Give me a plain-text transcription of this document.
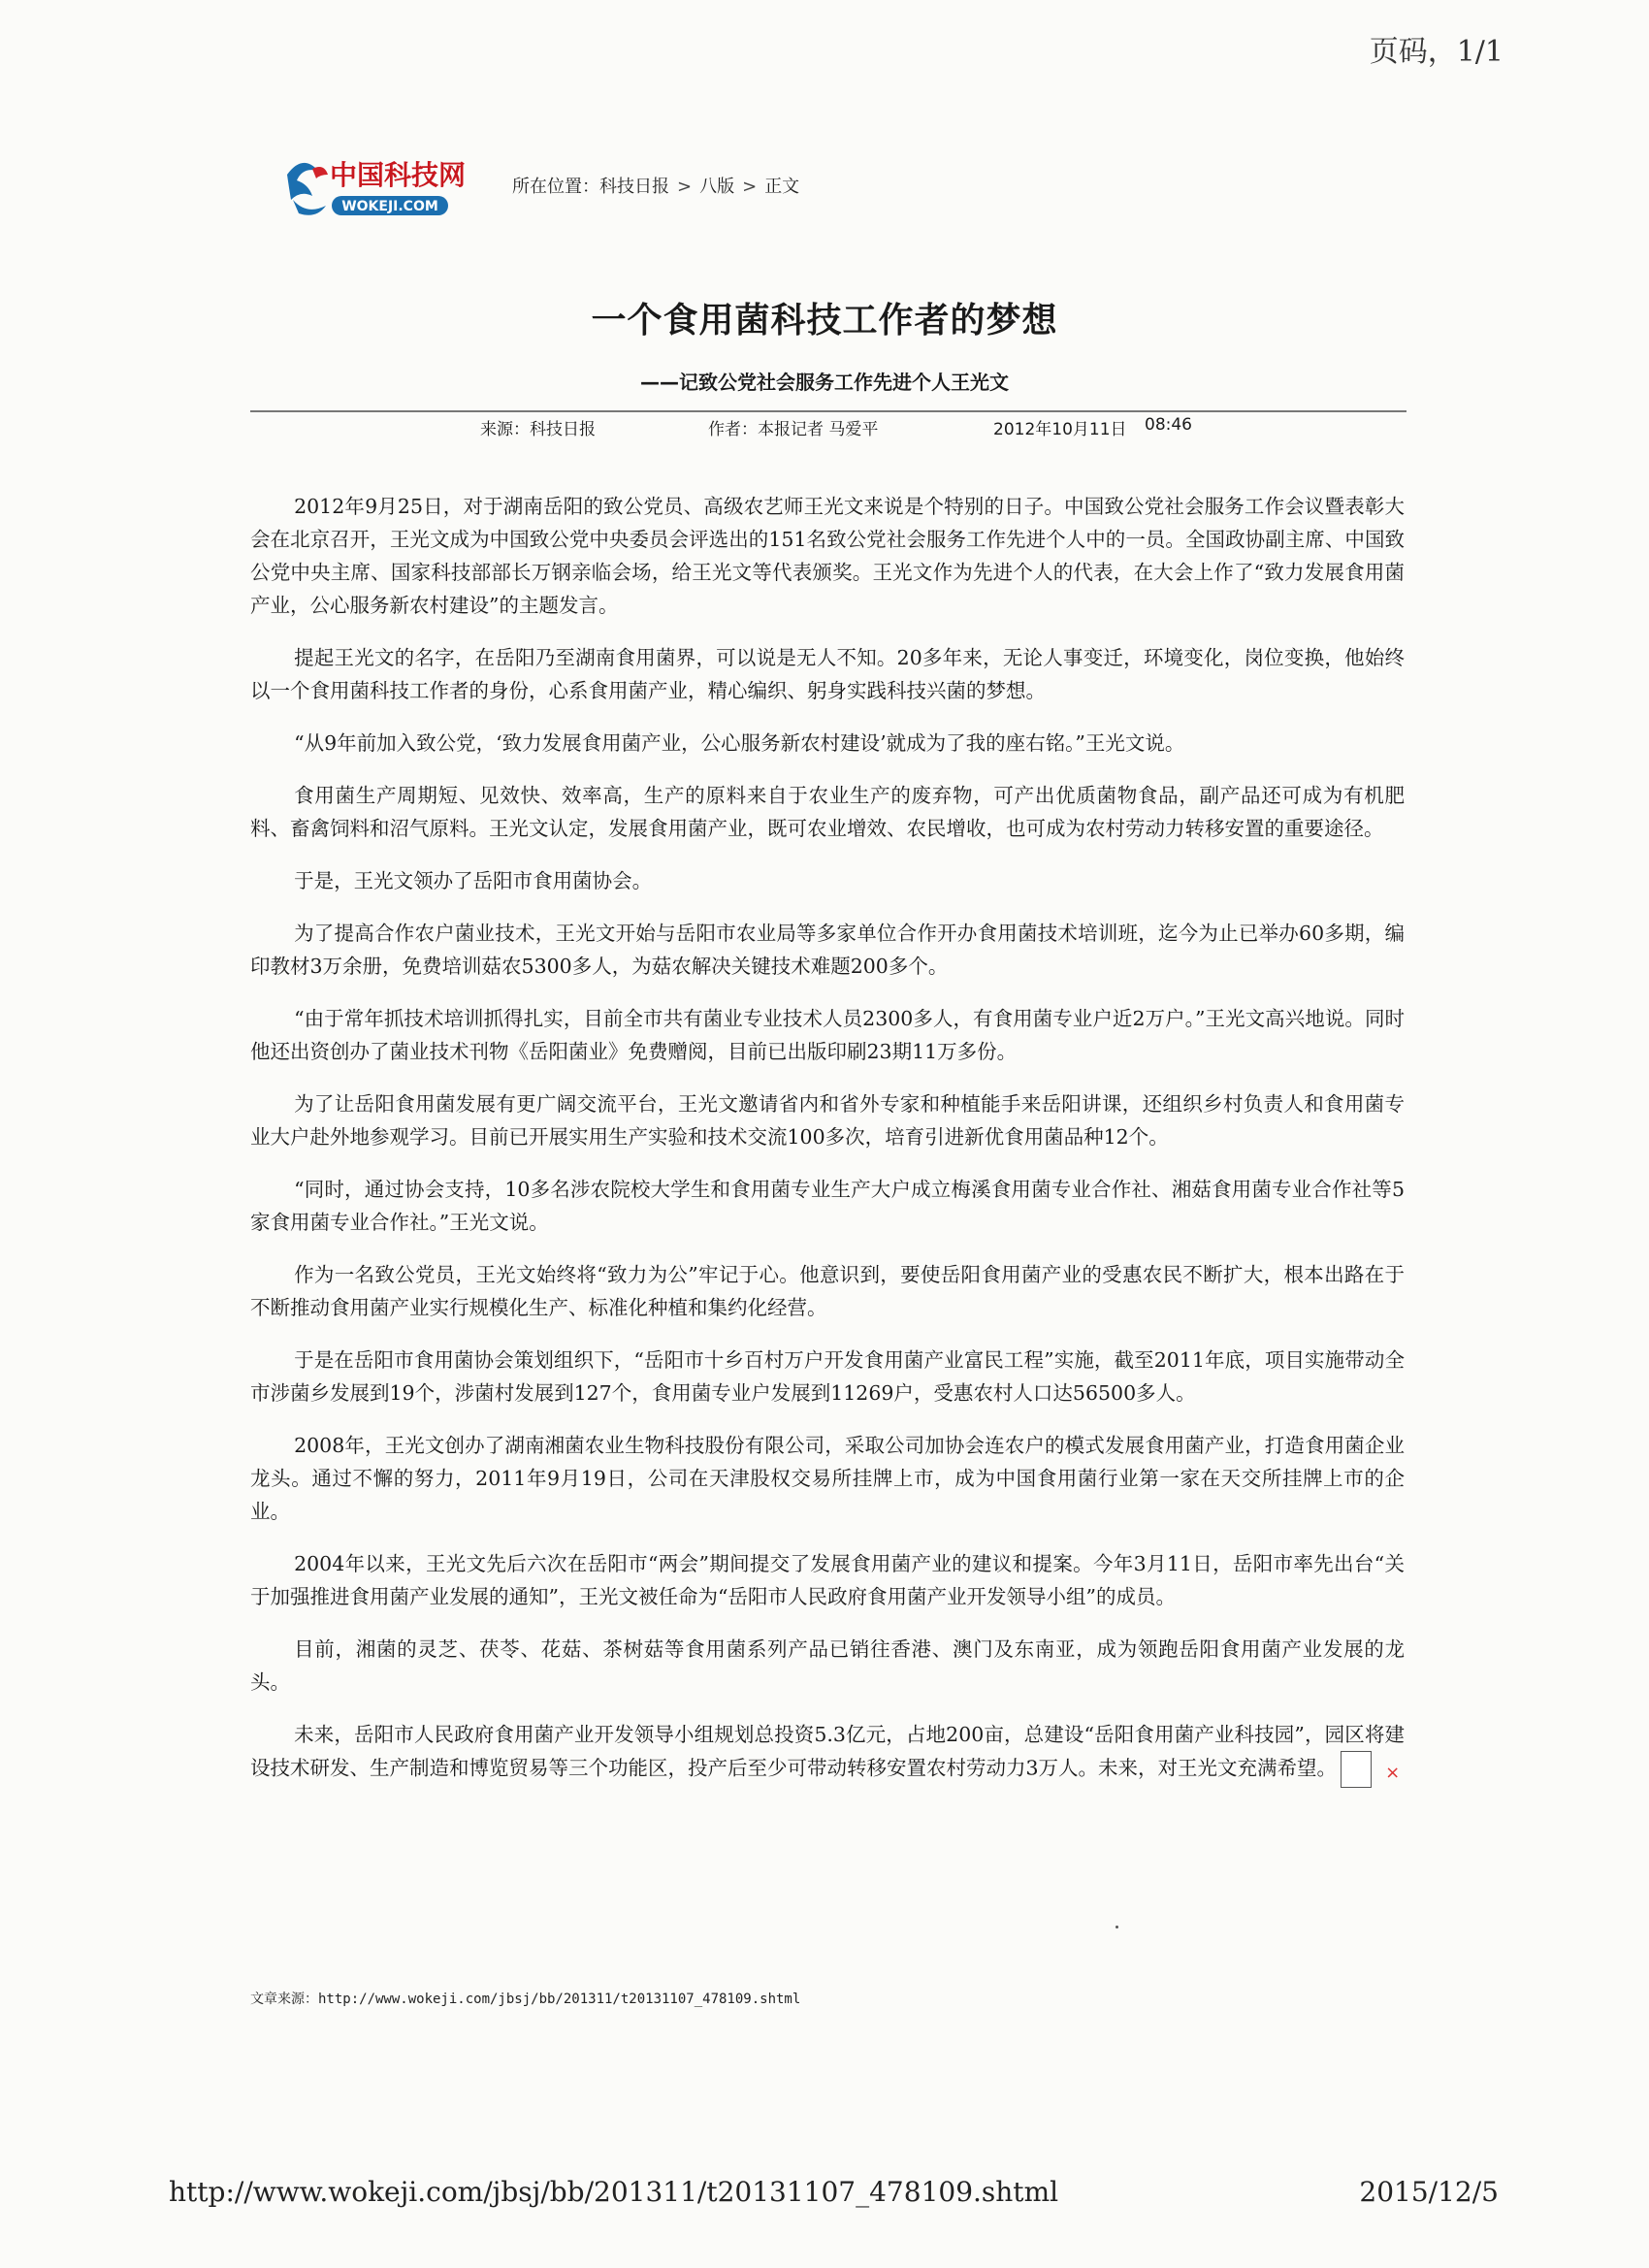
页码，1/1
中国科技网
WOKEJI.COM
所在位置：科技日报 > 八版 > 正文
一个食用菌科技工作者的梦想
——记致公党社会服务工作先进个人王光文
来源：科技日报	作者：本报记者 马爱平	2012年10月11日 08:46

2012年9月25日，对于湖南岳阳的致公党员、高级农艺师王光文来说是个特别的日子。中国致公党社会服务工作会议暨表彰大会在北京召开，王光文成为中国致公党中央委员会评选出的151名致公党社会服务工作先进个人中的一员。全国政协副主席、中国致公党中央主席、国家科技部部长万钢亲临会场，给王光文等代表颁奖。王光文作为先进个人的代表，在大会上作了“致力发展食用菌产业，公心服务新农村建设”的主题发言。

提起王光文的名字，在岳阳乃至湖南食用菌界，可以说是无人不知。20多年来，无论人事变迁，环境变化，岗位变换，他始终以一个食用菌科技工作者的身份，心系食用菌产业，精心编织、躬身实践科技兴菌的梦想。

“从9年前加入致公党，‘致力发展食用菌产业，公心服务新农村建设’就成为了我的座右铭。”王光文说。

食用菌生产周期短、见效快、效率高，生产的原料来自于农业生产的废弃物，可产出优质菌物食品，副产品还可成为有机肥料、畜禽饲料和沼气原料。王光文认定，发展食用菌产业，既可农业增效、农民增收，也可成为农村劳动力转移安置的重要途径。

于是，王光文领办了岳阳市食用菌协会。

为了提高合作农户菌业技术，王光文开始与岳阳市农业局等多家单位合作开办食用菌技术培训班，迄今为止已举办60多期，编印教材3万余册，免费培训菇农5300多人，为菇农解决关键技术难题200多个。

“由于常年抓技术培训抓得扎实，目前全市共有菌业专业技术人员2300多人，有食用菌专业户近2万户。”王光文高兴地说。同时他还出资创办了菌业技术刊物《岳阳菌业》免费赠阅，目前已出版印刷23期11万多份。

为了让岳阳食用菌发展有更广阔交流平台，王光文邀请省内和省外专家和种植能手来岳阳讲课，还组织乡村负责人和食用菌专业大户赴外地参观学习。目前已开展实用生产实验和技术交流100多次，培育引进新优食用菌品种12个。

“同时，通过协会支持，10多名涉农院校大学生和食用菌专业生产大户成立梅溪食用菌专业合作社、湘菇食用菌专业合作社等5家食用菌专业合作社。”王光文说。

作为一名致公党员，王光文始终将“致力为公”牢记于心。他意识到，要使岳阳食用菌产业的受惠农民不断扩大，根本出路在于不断推动食用菌产业实行规模化生产、标准化种植和集约化经营。

于是在岳阳市食用菌协会策划组织下，“岳阳市十乡百村万户开发食用菌产业富民工程”实施，截至2011年底，项目实施带动全市涉菌乡发展到19个，涉菌村发展到127个，食用菌专业户发展到11269户，受惠农村人口达56500多人。

2008年，王光文创办了湖南湘菌农业生物科技股份有限公司，采取公司加协会连农户的模式发展食用菌产业，打造食用菌企业龙头。通过不懈的努力，2011年9月19日，公司在天津股权交易所挂牌上市，成为中国食用菌行业第一家在天交所挂牌上市的企业。

2004年以来，王光文先后六次在岳阳市“两会”期间提交了发展食用菌产业的建议和提案。今年3月11日，岳阳市率先出台“关于加强推进食用菌产业发展的通知”，王光文被任命为“岳阳市人民政府食用菌产业开发领导小组”的成员。

目前，湘菌的灵芝、茯苓、花菇、茶树菇等食用菌系列产品已销往香港、澳门及东南亚，成为领跑岳阳食用菌产业发展的龙头。

未来，岳阳市人民政府食用菌产业开发领导小组规划总投资5.3亿元，占地200亩，总建设“岳阳食用菌产业科技园”，园区将建设技术研发、生产制造和博览贸易等三个功能区，投产后至少可带动转移安置农村劳动力3万人。未来，对王光文充满希望。	×

文章来源：http://www.wokeji.com/jbsj/bb/201311/t20131107_478109.shtml
http://www.wokeji.com/jbsj/bb/201311/t20131107_478109.shtml	2015/12/5
